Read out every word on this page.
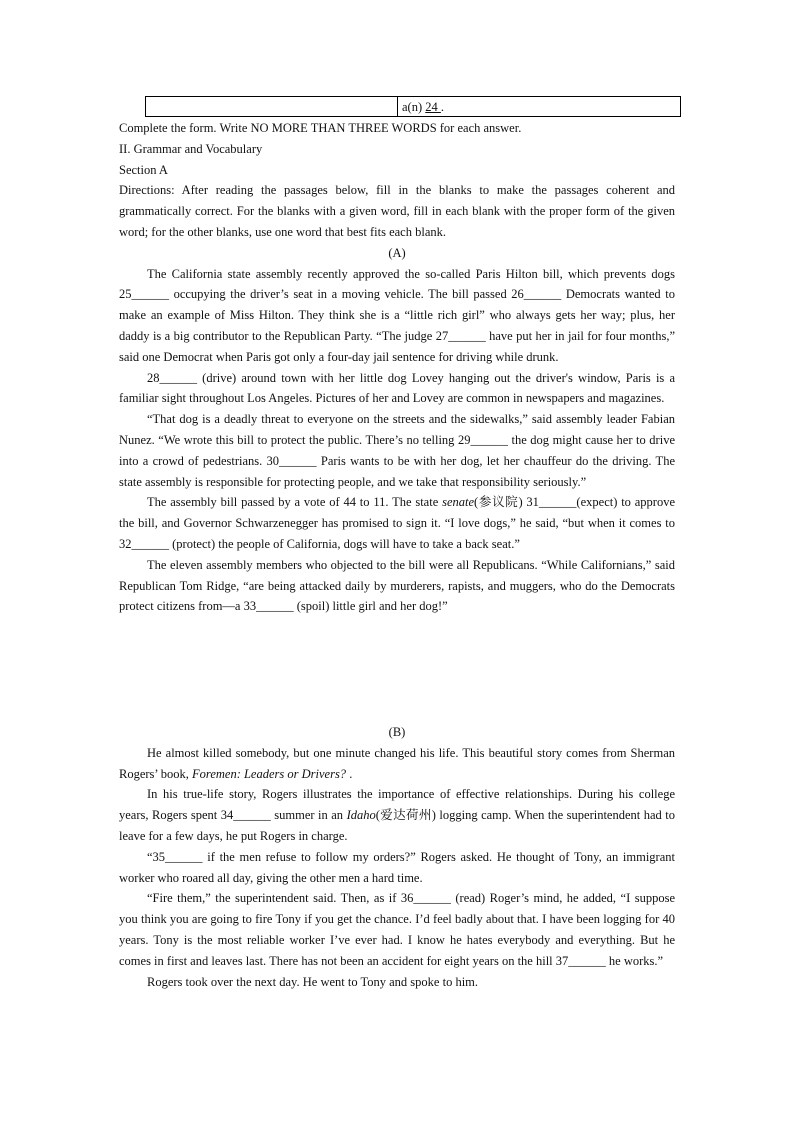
a(n) 24 .

Complete the form. Write NO MORE THAN THREE WORDS for each answer.

II. Grammar and Vocabulary

Section A

Directions: After reading the passages below, fill in the blanks to make the passages coherent and grammatically correct. For the blanks with a given word, fill in each blank with the proper form of the given word; for the other blanks, use one word that best fits each blank.

(A)

The California state assembly recently approved the so-called Paris Hilton bill, which prevents dogs 25______ occupying the driver’s seat in a moving vehicle. The bill passed 26______ Democrats wanted to make an example of Miss Hilton. They think she is a “little rich girl” who always gets her way; plus, her daddy is a big contributor to the Republican Party. “The judge 27______ have put her in jail for four months,” said one Democrat when Paris got only a four-day jail sentence for driving while drunk.

28______ (drive) around town with her little dog Lovey hanging out the driver's window, Paris is a familiar sight throughout Los Angeles. Pictures of her and Lovey are common in newspapers and magazines.

“That dog is a deadly threat to everyone on the streets and the sidewalks,” said assembly leader Fabian Nunez. “We wrote this bill to protect the public. There’s no telling 29______ the dog might cause her to drive into a crowd of pedestrians. 30______ Paris wants to be with her dog, let her chauffeur do the driving. The state assembly is responsible for protecting people, and we take that responsibility seriously.”

The assembly bill passed by a vote of 44 to 11. The state senate(参议院) 31______(expect) to approve the bill, and Governor Schwarzenegger has promised to sign it. “I love dogs,” he said, “but when it comes to 32______ (protect) the people of California, dogs will have to take a back seat.”

The eleven assembly members who objected to the bill were all Republicans. “While Californians,” said Republican Tom Ridge, “are being attacked daily by murderers, rapists, and muggers, who do the Democrats protect citizens from—a 33______ (spoil) little girl and her dog!”

(B)

He almost killed somebody, but one minute changed his life. This beautiful story comes from Sherman Rogers’ book, Foremen: Leaders or Drivers? .

In his true-life story, Rogers illustrates the importance of effective relationships. During his college years, Rogers spent 34______ summer in an Idaho(爱达荷州) logging camp. When the superintendent had to leave for a few days, he put Rogers in charge.

“35______ if the men refuse to follow my orders?” Rogers asked. He thought of Tony, an immigrant worker who roared all day, giving the other men a hard time.

“Fire them,” the superintendent said. Then, as if 36______ (read) Roger’s mind, he added, “I suppose you think you are going to fire Tony if you get the chance. I’d feel badly about that. I have been logging for 40 years. Tony is the most reliable worker I’ve ever had. I know he hates everybody and everything. But he comes in first and leaves last. There has not been an accident for eight years on the hill 37______ he works.”

Rogers took over the next day. He went to Tony and spoke to him.
